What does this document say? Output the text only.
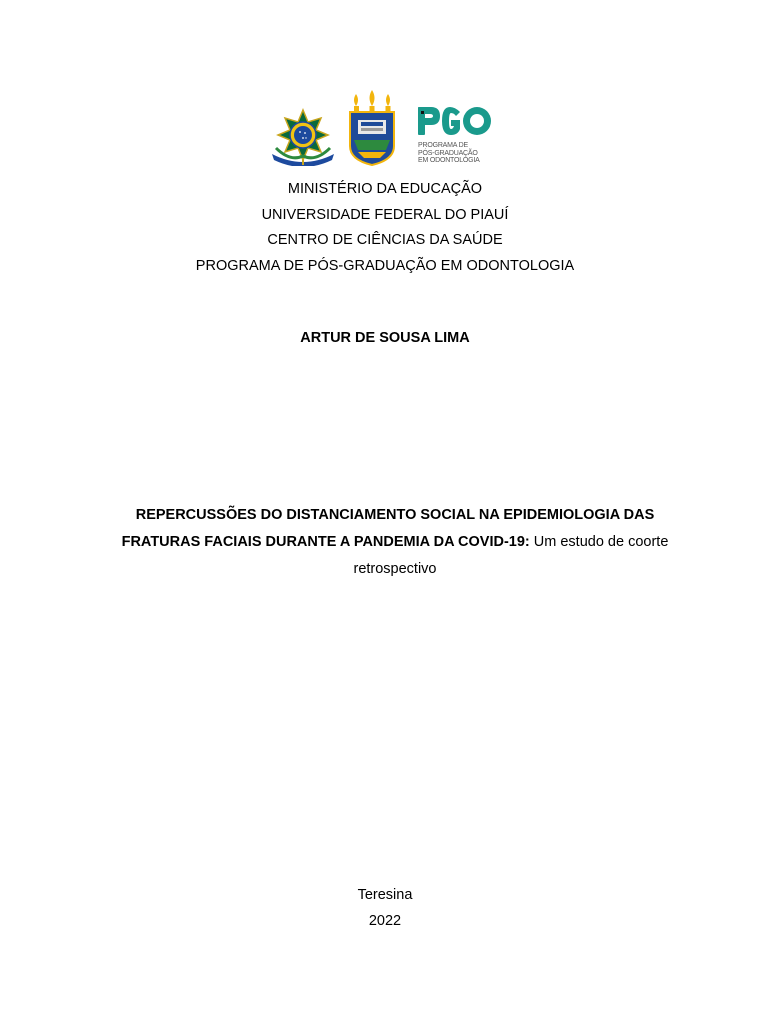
PROGRAMA DE
PÓS-GRADUAÇÃO
EM ODONTOLOGIA
MINISTÉRIO DA EDUCAÇÃO
UNIVERSIDADE FEDERAL DO PIAUÍ
CENTRO DE CIÊNCIAS DA SAÚDE
PROGRAMA DE PÓS-GRADUAÇÃO EM ODONTOLOGIA
ARTUR DE SOUSA LIMA
REPERCUSSÕES DO DISTANCIAMENTO SOCIAL NA EPIDEMIOLOGIA DAS
FRATURAS FACIAIS DURANTE A PANDEMIA DA COVID-19: Um estudo de coorte
retrospectivo
Teresina
2022
